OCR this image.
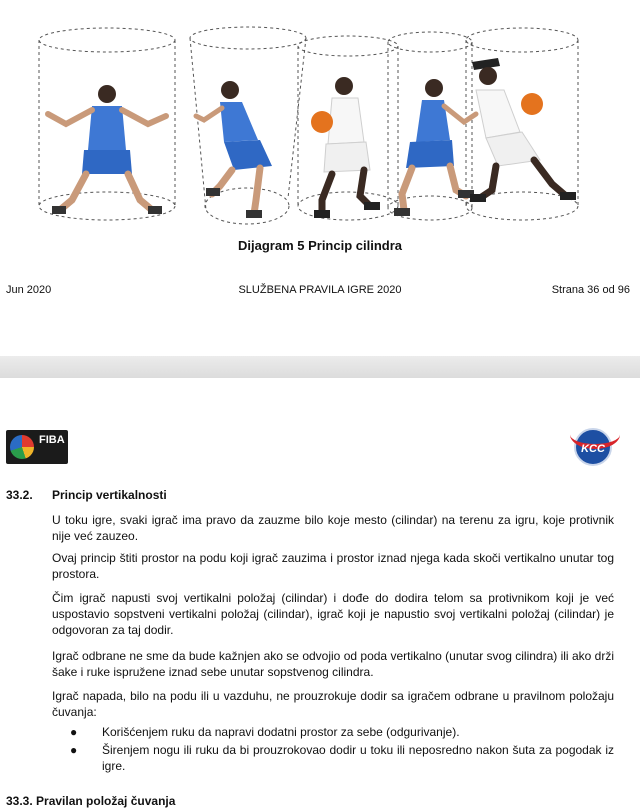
Dijagram 5 Princip cilindra
Jun 2020	SLUŽBENA PRAVILA IGRE 2020	Strana 36 od 96
FIBA
KCC
33.2. Princip vertikalnosti
U toku igre, svaki igrač ima pravo da zauzme bilo koje mesto (cilindar) na terenu za igru, koje protivnik nije već zauzeo.
Ovaj princip štiti prostor na podu koji igrač zauzima i prostor iznad njega kada skoči vertikalno unutar tog prostora.
Čim igrač napusti svoj vertikalni položaj (cilindar) i dođe do dodira telom sa protivnikom koji je već uspostavio sopstveni vertikalni položaj (cilindar), igrač koji je napustio svoj vertikalni položaj (cilindar) je odgovoran za taj dodir.
Igrač odbrane ne sme da bude kažnjen ako se odvojio od poda vertikalno (unutar svog cilindra) ili ako drži šake i ruke ispružene iznad sebe unutar sopstvenog cilindra.
Igrač napada, bilo na podu ili u vazduhu, ne prouzrokuje dodir sa igračem odbrane u pravilnom položaju čuvanja:
● Korišćenjem ruku da napravi dodatni prostor za sebe (odgurivanje).
● Širenjem nogu ili ruku da bi prouzrokovao dodir u toku ili neposredno nakon šuta za pogodak iz igre.
33.3. Pravilan položaj čuvanja
